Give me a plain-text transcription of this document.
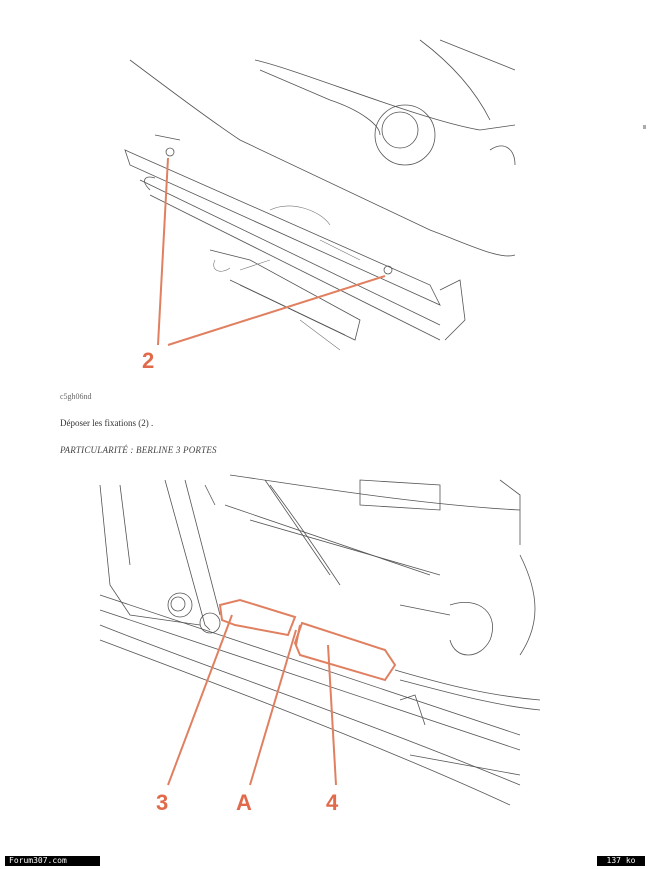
2
c5gh06nd
Déposer les fixations (2) .
PARTICULARITÉ : BERLINE 3 PORTES
3	A	4
Forum307.com	137 ko
